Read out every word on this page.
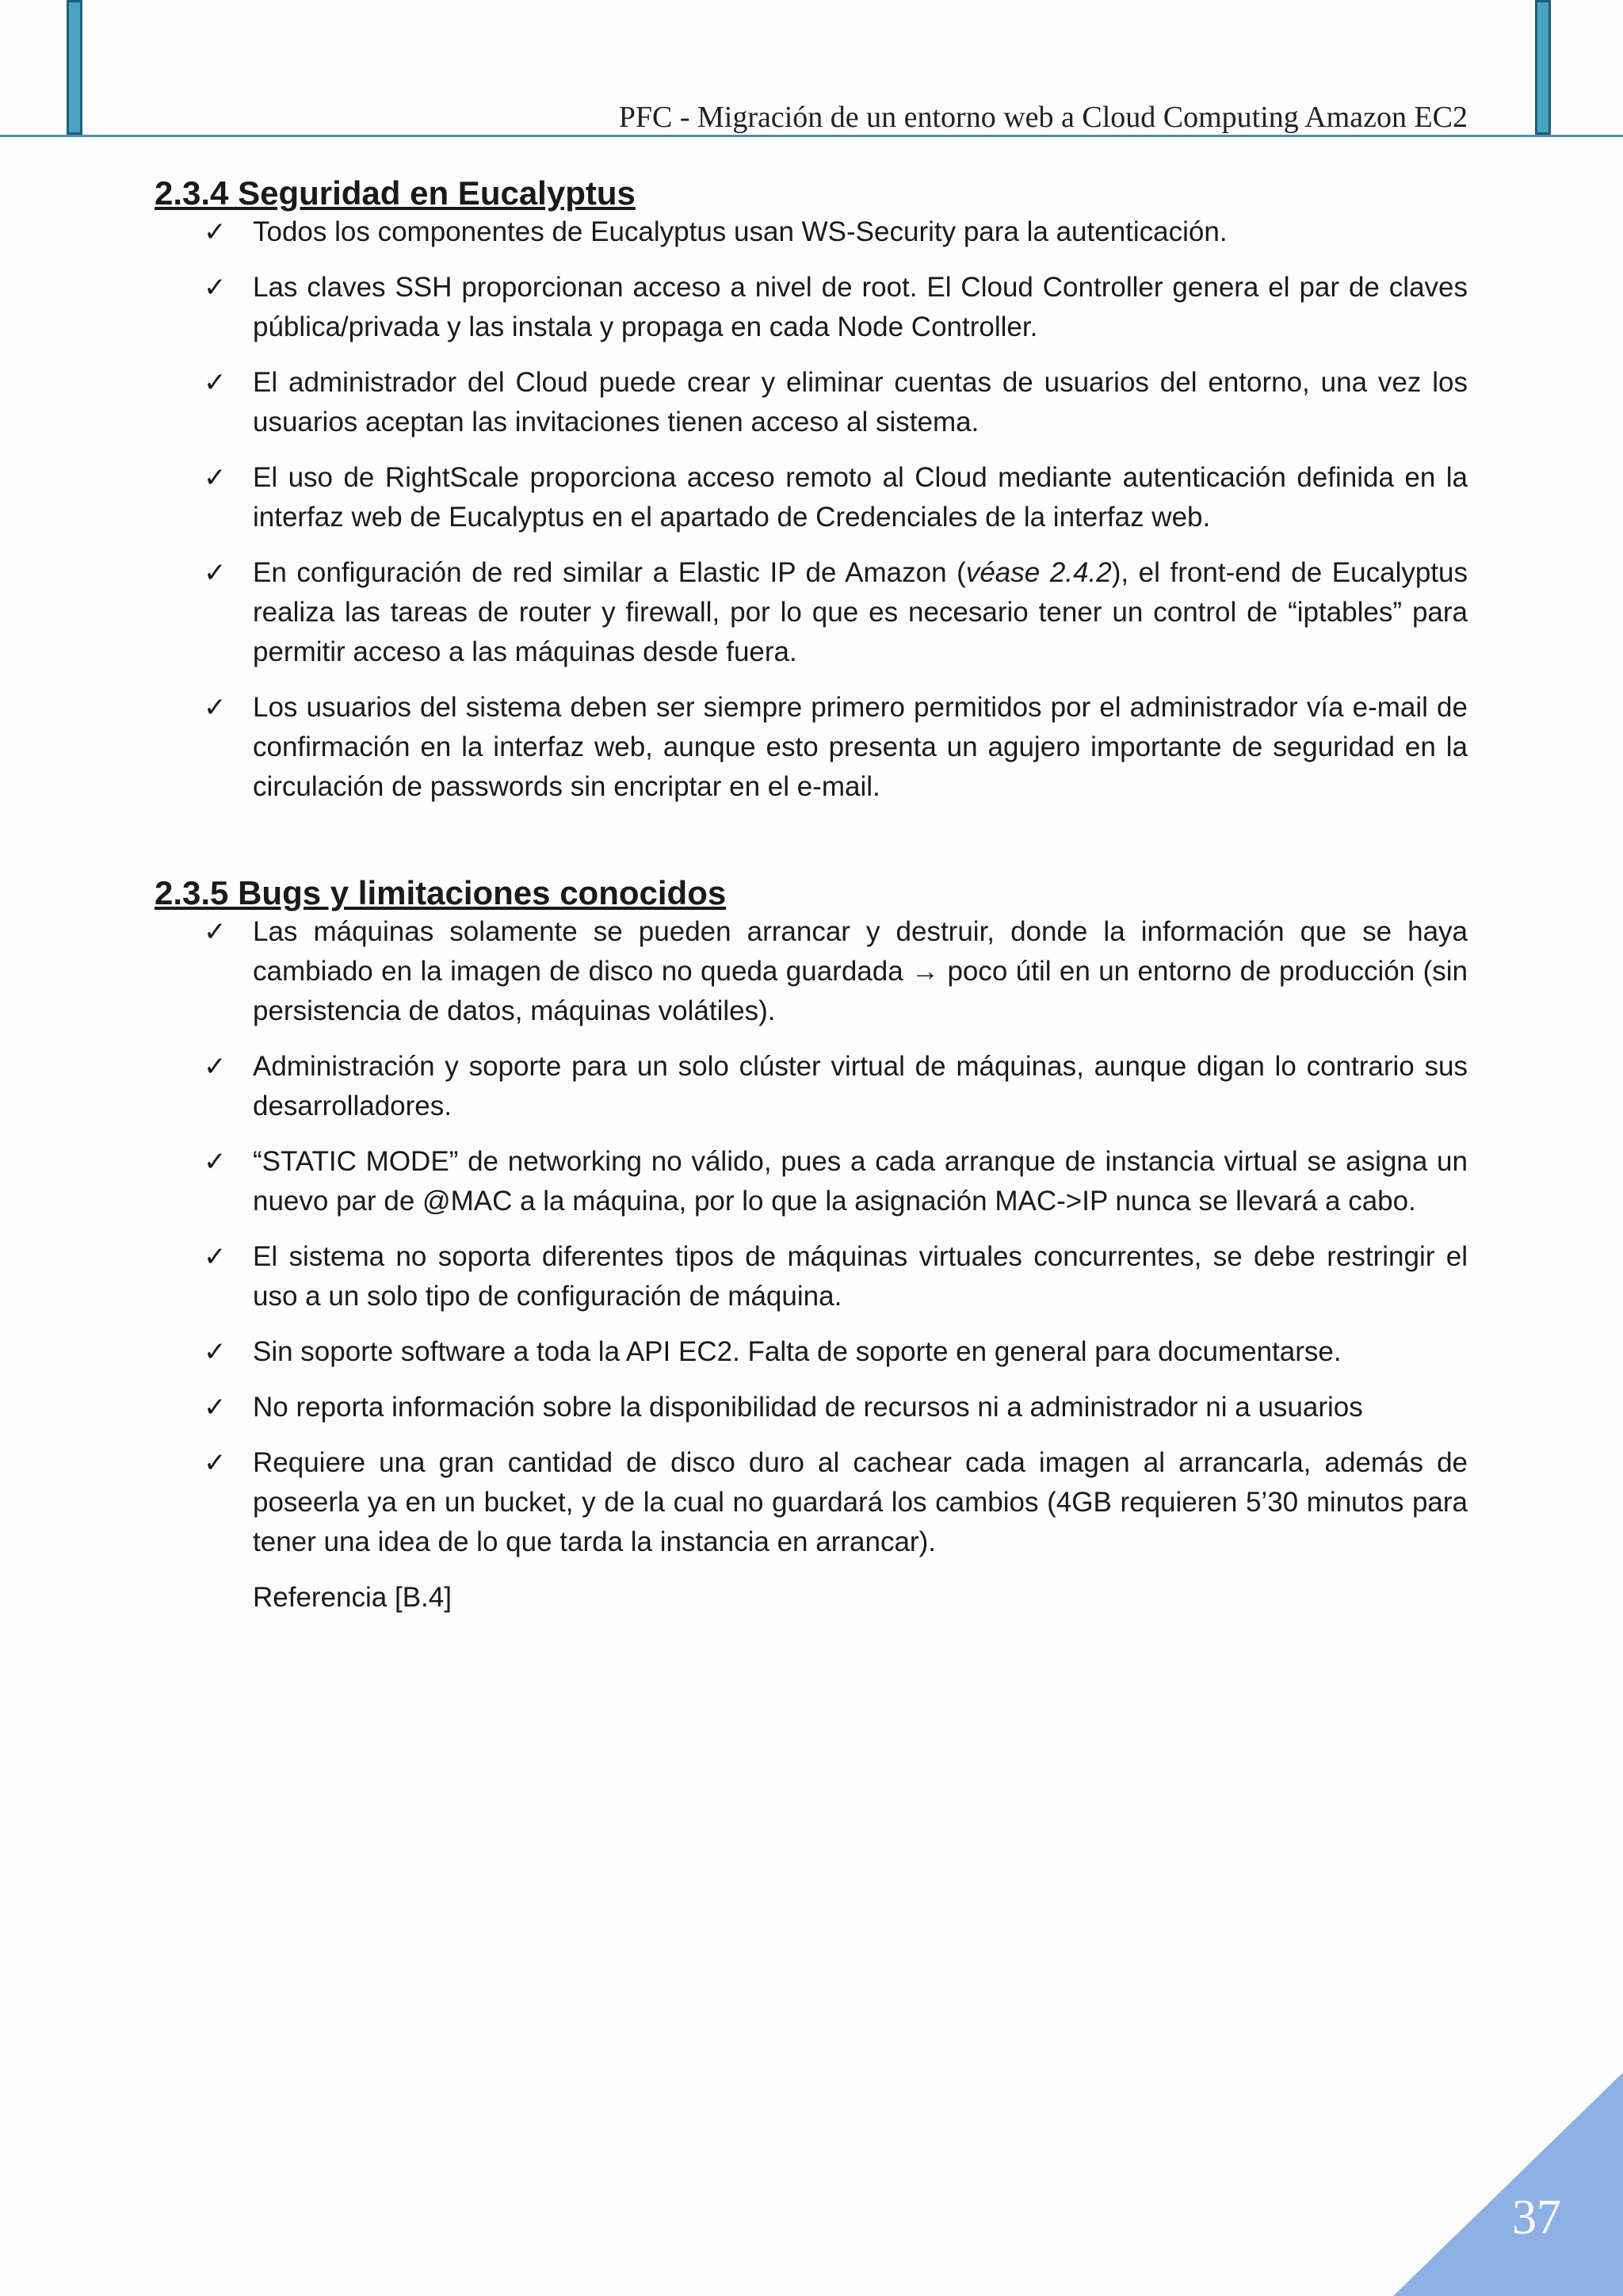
PFC - Migración de un entorno web a Cloud Computing Amazon EC2
2.3.4 Seguridad en Eucalyptus
✓ Todos los componentes de Eucalyptus usan WS-Security para la autenticación.
✓ Las claves SSH proporcionan acceso a nivel de root. El Cloud Controller genera el par de claves pública/privada y las instala y propaga en cada Node Controller.
✓ El administrador del Cloud puede crear y eliminar cuentas de usuarios del entorno, una vez los usuarios aceptan las invitaciones tienen acceso al sistema.
✓ El uso de RightScale proporciona acceso remoto al Cloud mediante autenticación definida en la interfaz web de Eucalyptus en el apartado de Credenciales de la interfaz web.
✓ En configuración de red similar a Elastic IP de Amazon (véase 2.4.2), el front-end de Eucalyptus realiza las tareas de router y firewall, por lo que es necesario tener un control de “iptables” para permitir acceso a las máquinas desde fuera.
✓ Los usuarios del sistema deben ser siempre primero permitidos por el administrador vía e-mail de confirmación en la interfaz web, aunque esto presenta un agujero importante de seguridad en la circulación de passwords sin encriptar en el e-mail.
2.3.5 Bugs y limitaciones conocidos
✓ Las máquinas solamente se pueden arrancar y destruir, donde la información que se haya cambiado en la imagen de disco no queda guardada → poco útil en un entorno de producción (sin persistencia de datos, máquinas volátiles).
✓ Administración y soporte para un solo clúster virtual de máquinas, aunque digan lo contrario sus desarrolladores.
✓ “STATIC MODE” de networking no válido, pues a cada arranque de instancia virtual se asigna un nuevo par de @MAC a la máquina, por lo que la asignación MAC->IP nunca se llevará a cabo.
✓ El sistema no soporta diferentes tipos de máquinas virtuales concurrentes, se debe restringir el uso a un solo tipo de configuración de máquina.
✓ Sin soporte software a toda la API EC2. Falta de soporte en general para documentarse.
✓ No reporta información sobre la disponibilidad de recursos ni a administrador ni a usuarios
✓ Requiere una gran cantidad de disco duro al cachear cada imagen al arrancarla, además de poseerla ya en un bucket, y de la cual no guardará los cambios (4GB requieren 5’30 minutos para tener una idea de lo que tarda la instancia en arrancar).
Referencia [B.4]
37
